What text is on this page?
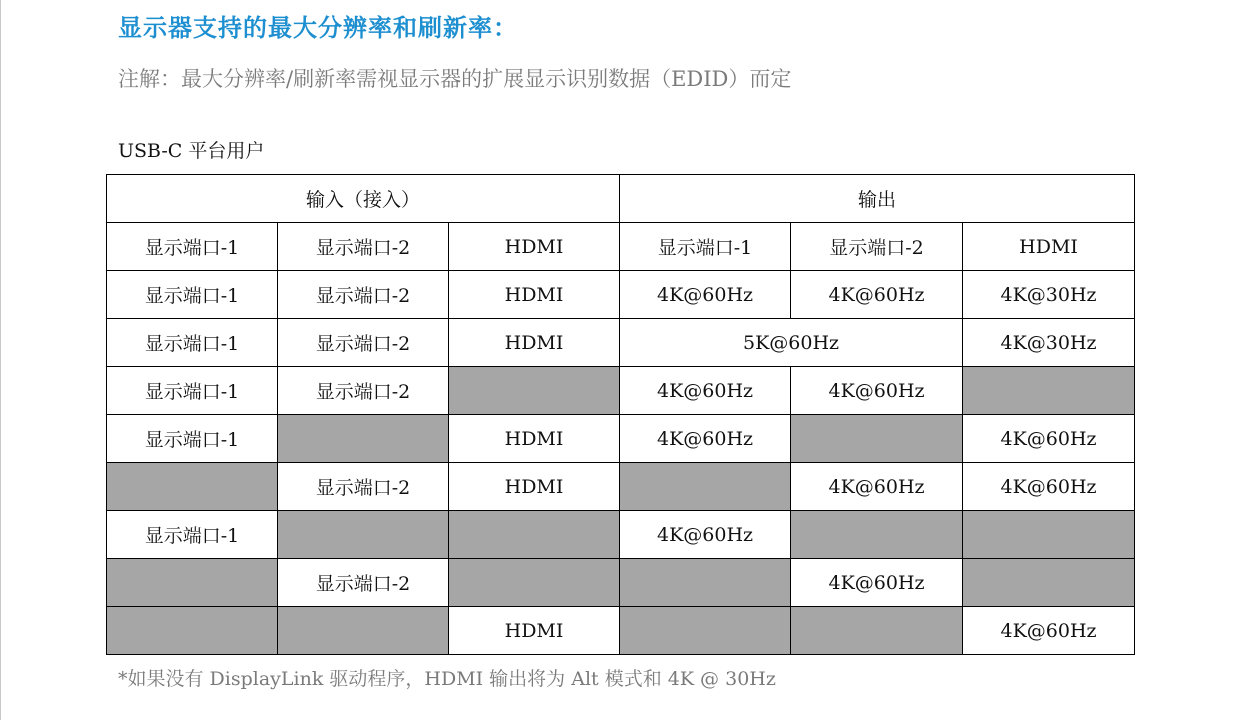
显示器支持的最大分辨率和刷新率：
注解：最大分辨率/刷新率需视显示器的扩展显示识别数据（EDID）而定
USB-C 平台用户
输入（接入）			输出		
显示端口-1	显示端口-2	HDMI	显示端口-1	显示端口-2	HDMI
显示端口-1	显示端口-2	HDMI	4K@60Hz	4K@60Hz	4K@30Hz
显示端口-1	显示端口-2	HDMI	5K@60Hz		4K@30Hz
显示端口-1	显示端口-2		4K@60Hz	4K@60Hz	
显示端口-1		HDMI	4K@60Hz		4K@60Hz
	显示端口-2	HDMI		4K@60Hz	4K@60Hz
显示端口-1			4K@60Hz		
	显示端口-2			4K@60Hz	
		HDMI			4K@60Hz
*如果没有 DisplayLink 驱动程序，HDMI 输出将为 Alt 模式和 4K @ 30Hz
